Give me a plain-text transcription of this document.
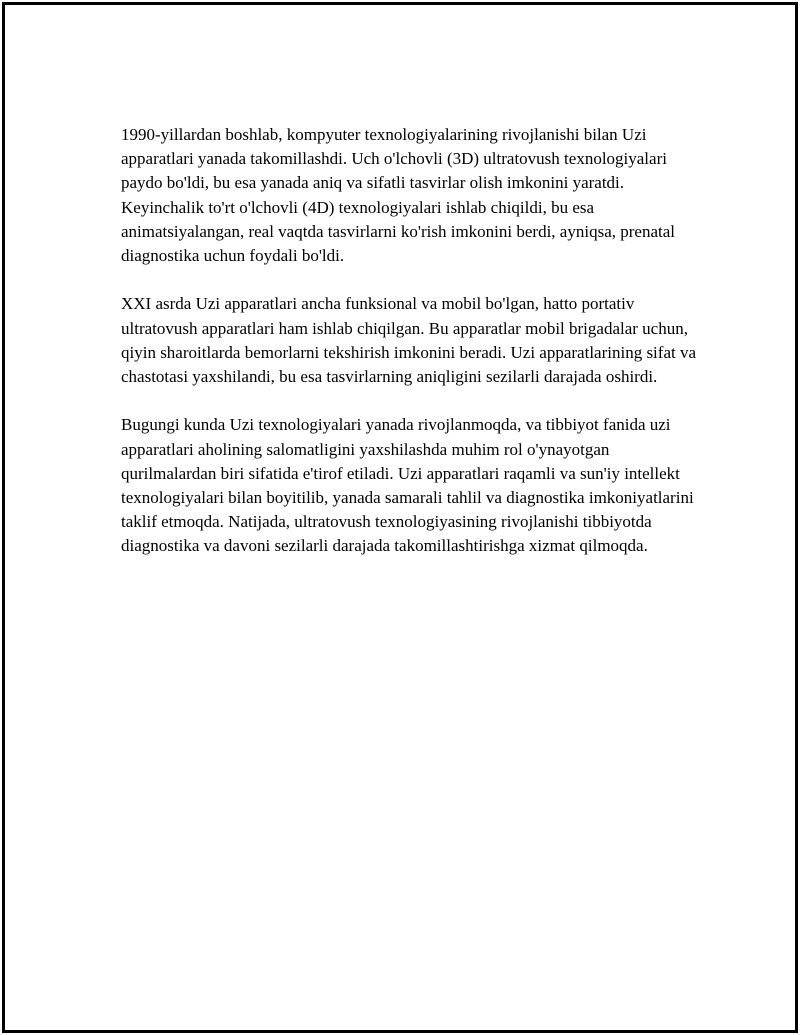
1990-yillardan boshlab, kompyuter texnologiyalarining rivojlanishi bilan Uzi apparatlari yanada takomillashdi. Uch o'lchovli (3D) ultratovush texnologiyalari paydo bo'ldi, bu esa yanada aniq va sifatli tasvirlar olish imkonini yaratdi. Keyinchalik to'rt o'lchovli (4D) texnologiyalari ishlab chiqildi, bu esa animatsiyalangan, real vaqtda tasvirlarni ko'rish imkonini berdi, ayniqsa, prenatal diagnostika uchun foydali bo'ldi.

XXI asrda Uzi apparatlari ancha funksional va mobil bo'lgan, hatto portativ ultratovush apparatlari ham ishlab chiqilgan. Bu apparatlar mobil brigadalar uchun, qiyin sharoitlarda bemorlarni tekshirish imkonini beradi. Uzi apparatlarining sifat va chastotasi yaxshilandi, bu esa tasvirlarning aniqligini sezilarli darajada oshirdi.

Bugungi kunda Uzi texnologiyalari yanada rivojlanmoqda, va tibbiyot fanida uzi apparatlari aholining salomatligini yaxshilashda muhim rol o'ynayotgan qurilmalardan biri sifatida e'tirof etiladi. Uzi apparatlari raqamli va sun'iy intellekt texnologiyalari bilan boyitilib, yanada samarali tahlil va diagnostika imkoniyatlarini taklif etmoqda. Natijada, ultratovush texnologiyasining rivojlanishi tibbiyotda diagnostika va davoni sezilarli darajada takomillashtirishga xizmat qilmoqda.
